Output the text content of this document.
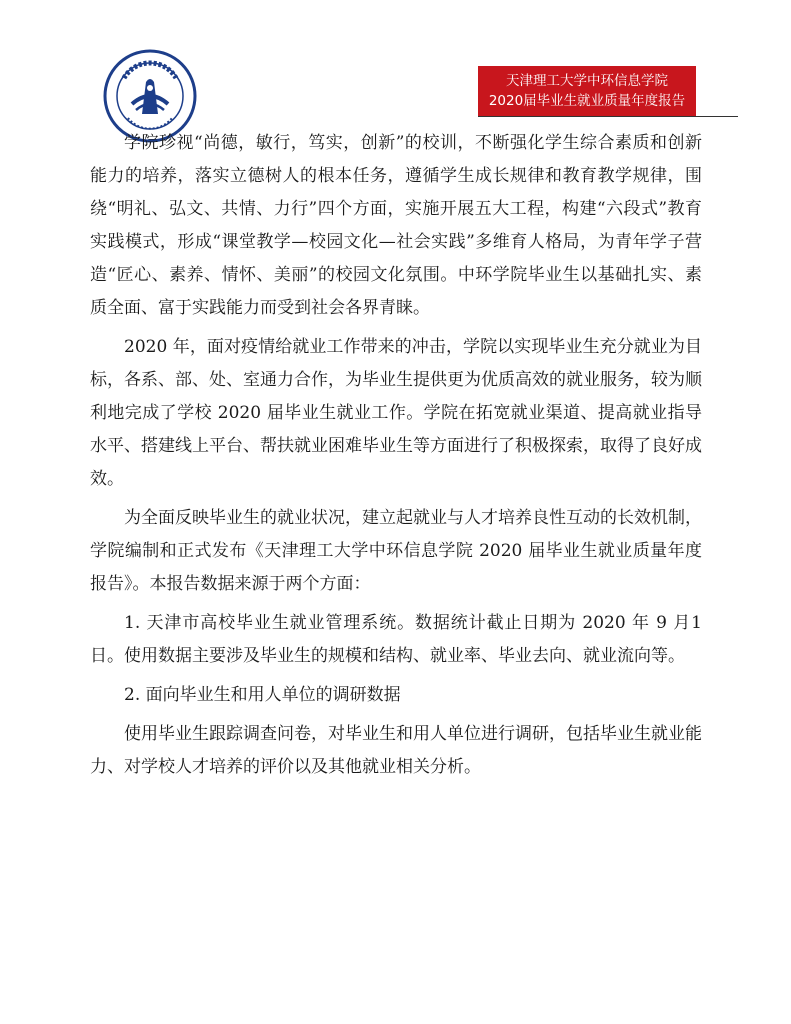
天津理工大学中环信息学院
2020届毕业生就业质量年度报告

学院珍视“尚德，敏行，笃实，创新”的校训，不断强化学生综合素质和创新能力的培养，落实立德树人的根本任务，遵循学生成长规律和教育教学规律，围绕“明礼、弘文、共情、力行”四个方面，实施开展五大工程，构建“六段式”教育实践模式，形成“课堂教学—校园文化—社会实践”多维育人格局，为青年学子营造“匠心、素养、情怀、美丽”的校园文化氛围。中环学院毕业生以基础扎实、素质全面、富于实践能力而受到社会各界青睐。

2020 年，面对疫情给就业工作带来的冲击，学院以实现毕业生充分就业为目标，各系、部、处、室通力合作，为毕业生提供更为优质高效的就业服务，较为顺利地完成了学校 2020 届毕业生就业工作。学院在拓宽就业渠道、提高就业指导水平、搭建线上平台、帮扶就业困难毕业生等方面进行了积极探索，取得了良好成效。

为全面反映毕业生的就业状况，建立起就业与人才培养良性互动的长效机制，学院编制和正式发布《天津理工大学中环信息学院 2020 届毕业生就业质量年度报告》。本报告数据来源于两个方面：

1. 天津市高校毕业生就业管理系统。数据统计截止日期为 2020 年 9 月1日。使用数据主要涉及毕业生的规模和结构、就业率、毕业去向、就业流向等。

2. 面向毕业生和用人单位的调研数据

使用毕业生跟踪调查问卷，对毕业生和用人单位进行调研，包括毕业生就业能力、对学校人才培养的评价以及其他就业相关分析。
